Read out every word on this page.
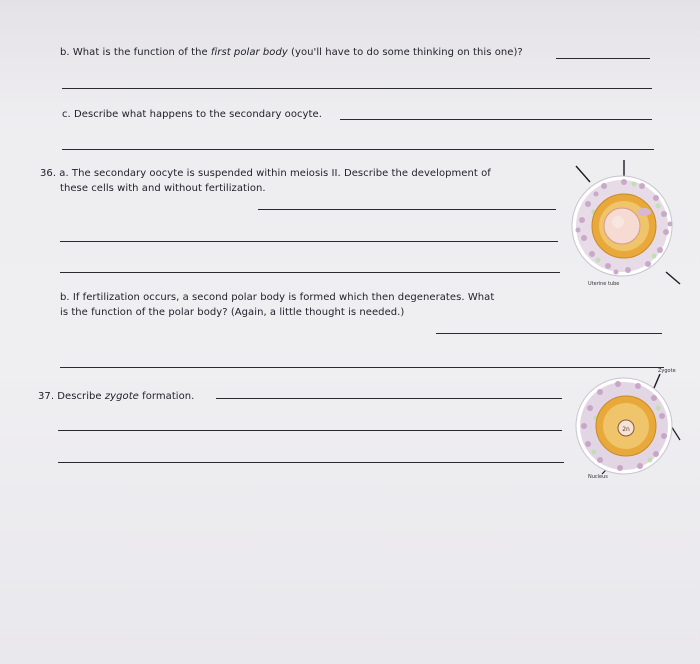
b. What is the function of the first polar body (you'll have to do some thinking on this one)?
c. Describe what happens to the secondary oocyte.
36. a. The secondary oocyte is suspended within meiosis II. Describe the development of
these cells with and without fertilization.
b. If fertilization occurs, a second polar body is formed which then degenerates. What
is the function of the polar body? (Again, a little thought is needed.)
37. Describe zygote formation.
Uterine tube
2n
Zygote
Nucleus
